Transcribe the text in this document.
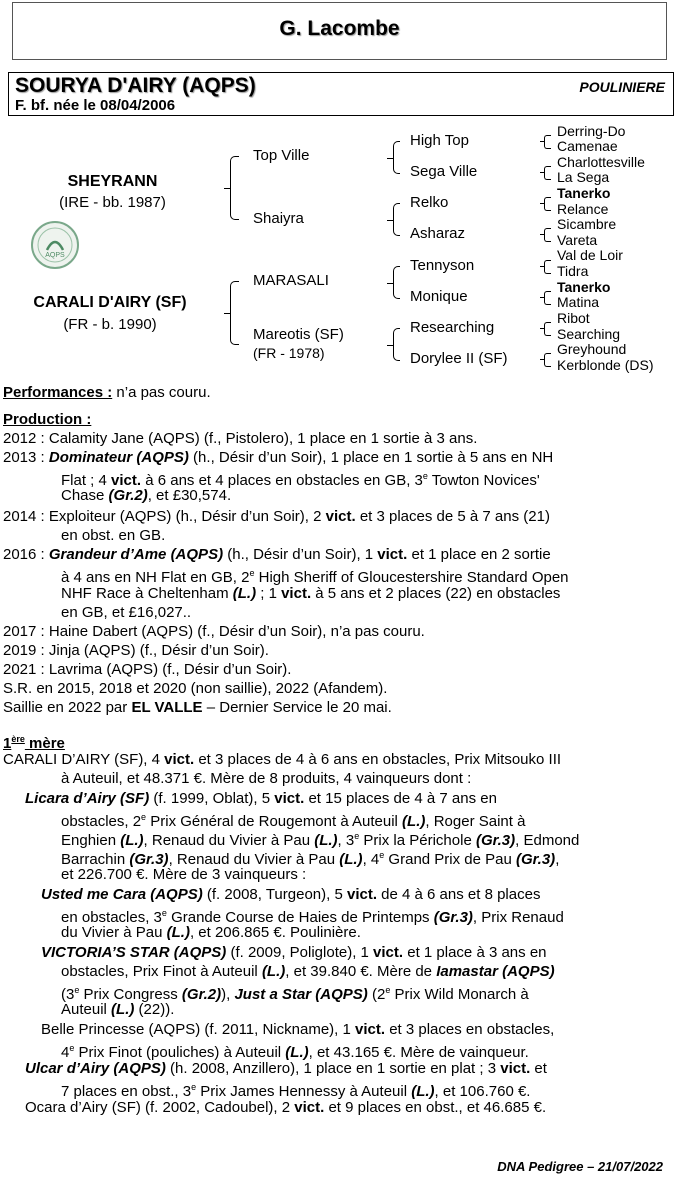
G. Lacombe
SOURYA D'AIRY (AQPS)
F. bf. née le 08/04/2006
POULINIERE
SHEYRANN
(IRE - bb. 1987)
AQPS
CARALI D'AIRY (SF)
(FR - b. 1990)
Top Ville
Shaiyra
MARASALI
Mareotis (SF)
(FR - 1978)
High Top
Sega Ville
Relko
Asharaz
Tennyson
Monique
Researching
Dorylee II (SF)
Derring-Do
Camenae
Charlottesville
La Sega
Tanerko
Relance
Sicambre
Vareta
Val de Loir
Tidra
Tanerko
Matina
Ribot
Searching
Greyhound
Kerblonde (DS)
Performances : n’a pas couru.
Production :
2012 : Calamity Jane (AQPS) (f., Pistolero), 1 place en 1 sortie à 3 ans.
2013 : Dominateur (AQPS) (h., Désir d’un Soir), 1 place en 1 sortie à 5 ans en NH
Flat ; 4 vict. à 6 ans et 4 places en obstacles en GB, 3e Towton Novices'
Chase (Gr.2), et £30,574.
2014 : Exploiteur (AQPS) (h., Désir d’un Soir), 2 vict. et 3 places de 5 à 7 ans (21)
en obst. en GB.
2016 : Grandeur d’Ame (AQPS) (h., Désir d’un Soir), 1 vict. et 1 place en 2 sortie
à 4 ans en NH Flat en GB, 2e High Sheriff of Gloucestershire Standard Open
NHF Race à Cheltenham (L.) ; 1 vict. à 5 ans et 2 places (22) en obstacles
en GB, et £16,027..
2017 : Haine Dabert (AQPS) (f., Désir d’un Soir), n’a pas couru.
2019 : Jinja (AQPS) (f., Désir d’un Soir).
2021 : Lavrima (AQPS) (f., Désir d’un Soir).
S.R. en 2015, 2018 et 2020 (non saillie), 2022 (Afandem).
Saillie en 2022 par EL VALLE – Dernier Service le 20 mai.
1ère mère
CARALI D’AIRY (SF), 4 vict. et 3 places de 4 à 6 ans en obstacles, Prix Mitsouko III
à Auteuil, et 48.371 €. Mère de 8 produits, 4 vainqueurs dont :
Licara d’Airy (SF) (f. 1999, Oblat), 5 vict. et 15 places de 4 à 7 ans en
obstacles, 2e Prix Général de Rougemont à Auteuil (L.), Roger Saint à
Enghien (L.), Renaud du Vivier à Pau (L.), 3e Prix la Périchole (Gr.3), Edmond
Barrachin (Gr.3), Renaud du Vivier à Pau (L.), 4e Grand Prix de Pau (Gr.3),
et 226.700 €. Mère de 3 vainqueurs :
Usted me Cara (AQPS) (f. 2008, Turgeon), 5 vict. de 4 à 6 ans et 8 places
en obstacles, 3e Grande Course de Haies de Printemps (Gr.3), Prix Renaud
du Vivier à Pau (L.), et 206.865 €. Poulinière.
VICTORIA’S STAR (AQPS) (f. 2009, Poliglote), 1 vict. et 1 place à 3 ans en
obstacles, Prix Finot à Auteuil (L.), et 39.840 €. Mère de Iamastar (AQPS)
(3e Prix Congress (Gr.2)), Just a Star (AQPS) (2e Prix Wild Monarch à
Auteuil (L.) (22)).
Belle Princesse (AQPS) (f. 2011, Nickname), 1 vict. et 3 places en obstacles,
4e Prix Finot (pouliches) à Auteuil (L.), et 43.165 €. Mère de vainqueur.
Ulcar d’Airy (AQPS) (h. 2008, Anzillero), 1 place en 1 sortie en plat ; 3 vict. et
7 places en obst., 3e Prix James Hennessy à Auteuil (L.), et 106.760 €.
Ocara d’Airy (SF) (f. 2002, Cadoubel), 2 vict. et 9 places en obst., et 46.685 €.
DNA Pedigree – 21/07/2022
